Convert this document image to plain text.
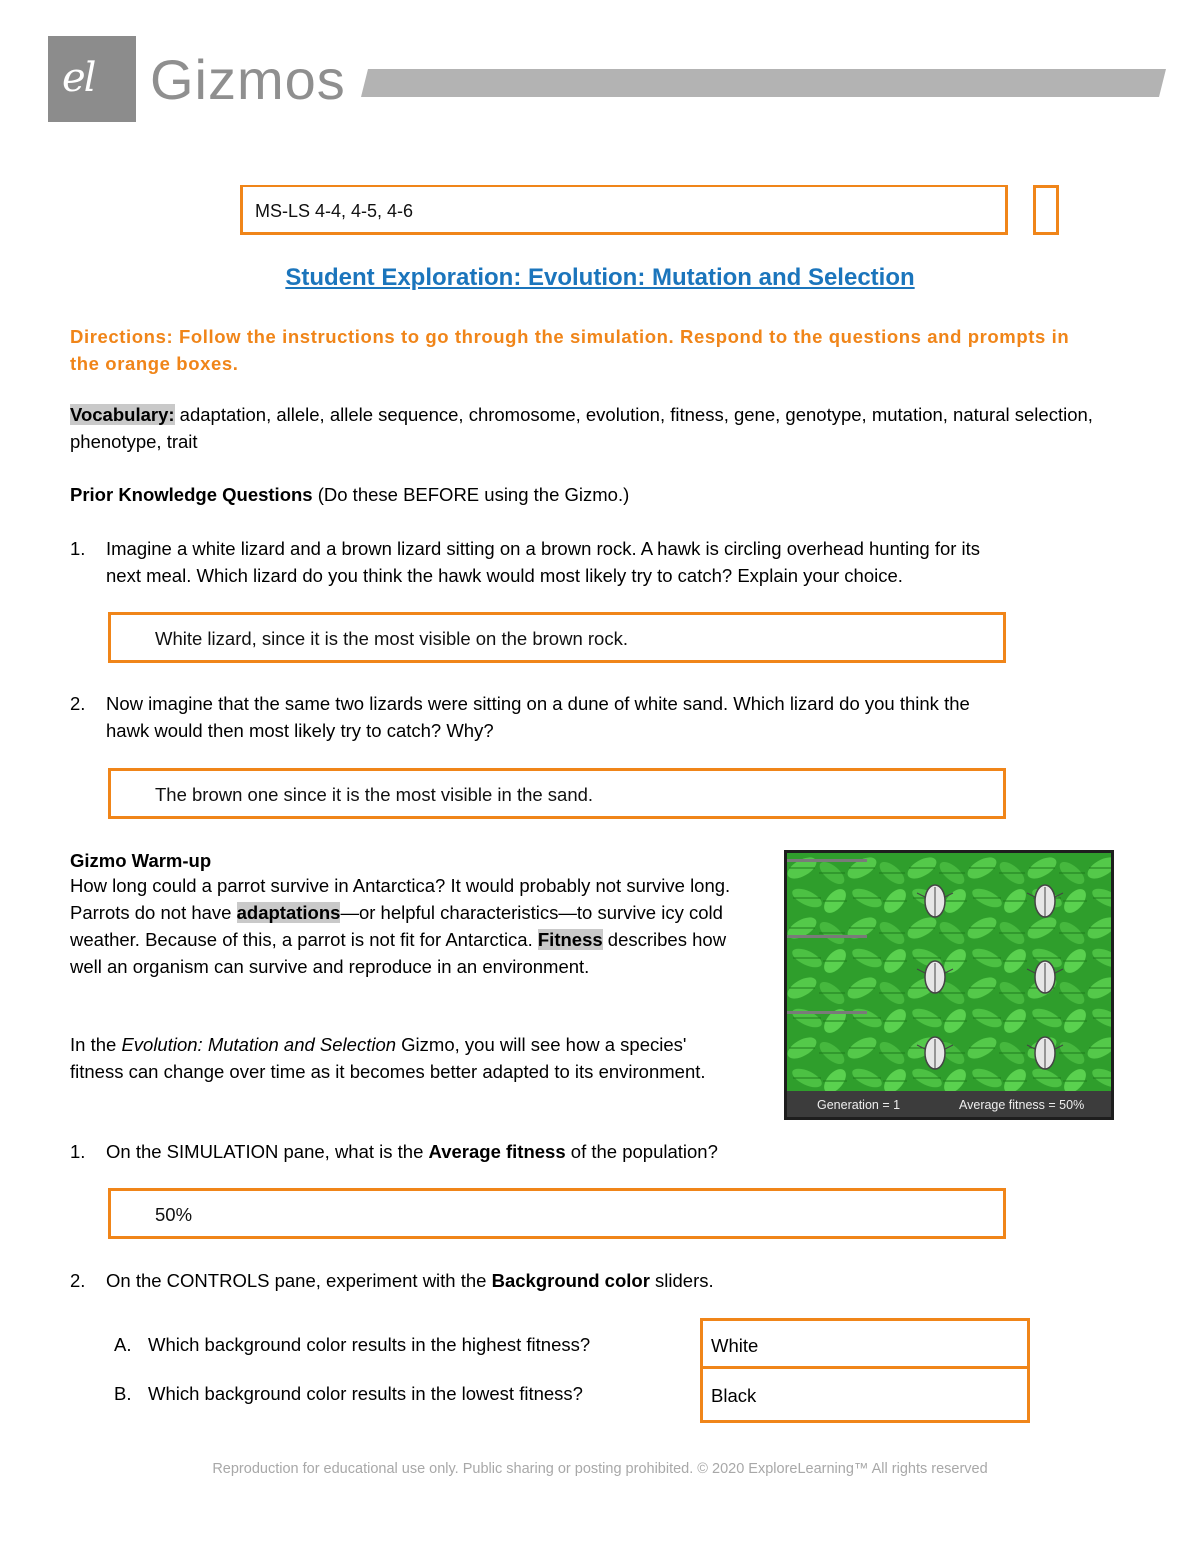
el Gizmos
MS-LS 4-4, 4-5, 4-6
Student Exploration: Evolution: Mutation and Selection
Directions: Follow the instructions to go through the simulation. Respond to the questions and prompts in the orange boxes.
Vocabulary: adaptation, allele, allele sequence, chromosome, evolution, fitness, gene, genotype, mutation, natural selection, phenotype, trait
Prior Knowledge Questions (Do these BEFORE using the Gizmo.)
1. Imagine a white lizard and a brown lizard sitting on a brown rock. A hawk is circling overhead hunting for its
next meal. Which lizard do you think the hawk would most likely try to catch? Explain your choice.
White lizard, since it is the most visible on the brown rock.
2. Now imagine that the same two lizards were sitting on a dune of white sand. Which lizard do you think the
hawk would then most likely try to catch? Why?
The brown one since it is the most visible in the sand.
Gizmo Warm-up
How long could a parrot survive in Antarctica? It would probably not survive long. Parrots do not have adaptations—or helpful characteristics—to survive icy cold weather. Because of this, a parrot is not fit for Antarctica. Fitness describes how well an organism can survive and reproduce in an environment.
In the Evolution: Mutation and Selection Gizmo, you will see how a species' fitness can change over time as it becomes better adapted to its environment.
Generation = 1	Average fitness = 50%
1. On the SIMULATION pane, what is the Average fitness of the population?
50%
2. On the CONTROLS pane, experiment with the Background color sliders.
A. Which background color results in the highest fitness?	White
B. Which background color results in the lowest fitness?	Black
Reproduction for educational use only. Public sharing or posting prohibited. © 2020 ExploreLearning™ All rights reserved
